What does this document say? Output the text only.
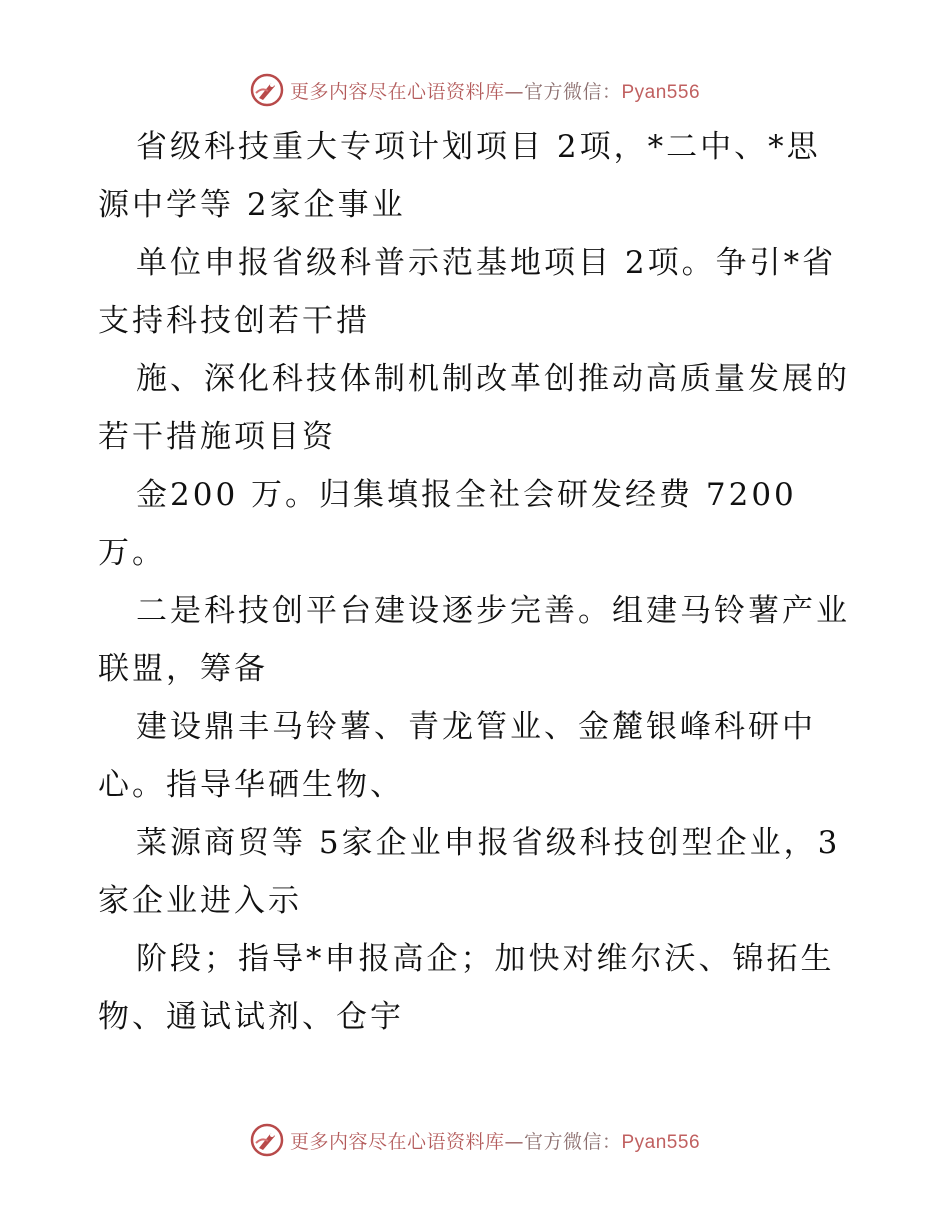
更多内容尽在心语资料库—官方微信：Pyan556
省级科技重大专项计划项目 2项，*二中、*思
源中学等 2家企事业
单位申报省级科普示范基地项目 2项。争引*省
支持科技创若干措
施、深化科技体制机制改革创推动高质量发展的
若干措施项目资
金200 万。归集填报全社会研发经费 7200
万。
二是科技创平台建设逐步完善。组建马铃薯产业
联盟，筹备
建设鼎丰马铃薯、青龙管业、金麓银峰科研中
心。指导华硒生物、
菜源商贸等 5家企业申报省级科技创型企业，3
家企业进入示
阶段；指导*申报高企；加快对维尔沃、锦拓生
物、通试试剂、仓宇
更多内容尽在心语资料库—官方微信：Pyan556
